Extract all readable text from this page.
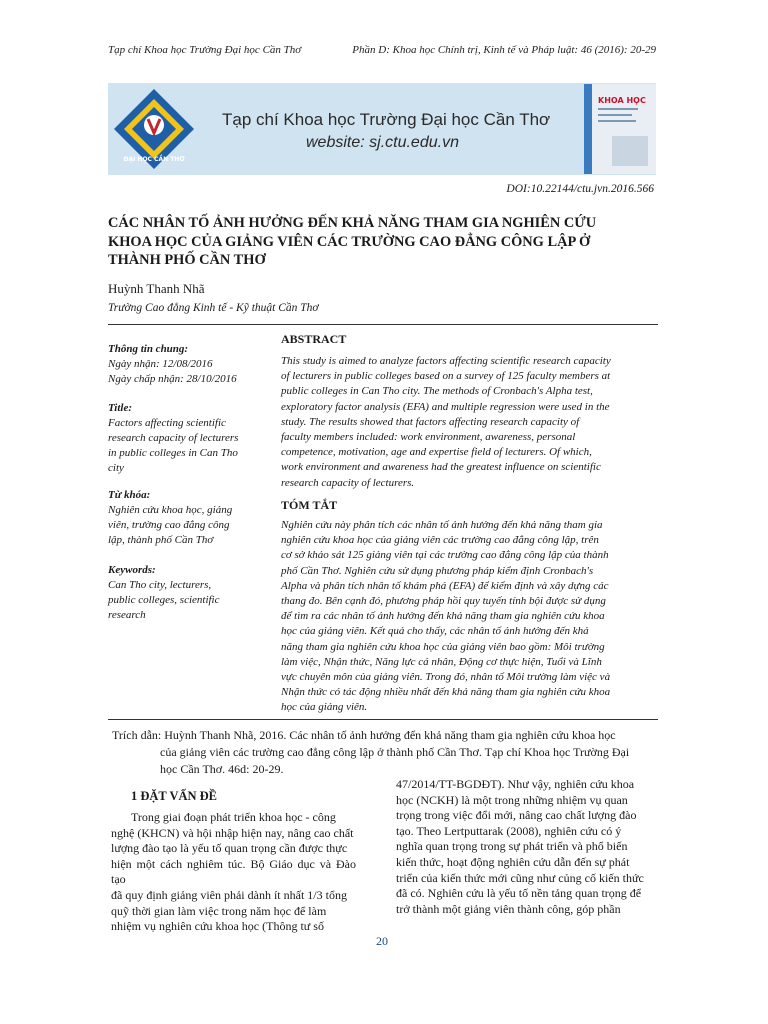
Tạp chí Khoa học Trường Đại học Cần Thơ	Phần D: Khoa học Chính trị, Kinh tế và Pháp luật: 46 (2016): 20-29
ĐẠI HỌC CẦN THƠ
Tạp chí Khoa học Trường Đại học Cần Thơ
website: sj.ctu.edu.vn
KHOA HỌC
DOI:10.22144/ctu.jvn.2016.566
CÁC NHÂN TỐ ẢNH HƯỞNG ĐẾN KHẢ NĂNG THAM GIA NGHIÊN CỨU
KHOA HỌC CỦA GIẢNG VIÊN CÁC TRƯỜNG CAO ĐẲNG CÔNG LẬP Ở
THÀNH PHỐ CẦN THƠ
Huỳnh Thanh Nhã
Trường Cao đẳng Kinh tế - Kỹ thuật Cần Thơ
Thông tin chung:
Ngày nhận: 12/08/2016
Ngày chấp nhận: 28/10/2016
Title:
Factors affecting scientific
research capacity of lecturers
in public colleges in Can Tho
city
Từ khóa:
Nghiên cứu khoa học, giảng
viên, trường cao đẳng công
lập, thành phố Cần Thơ
Keywords:
Can Tho city, lecturers,
public colleges, scientific
research
ABSTRACT
This study is aimed to analyze factors affecting scientific research capacity
of lecturers in public colleges based on a survey of 125 faculty members at
public colleges in Can Tho city. The methods of Cronbach's Alpha test,
exploratory factor analysis (EFA) and multiple regression were used in the
study. The results showed that factors affecting research capacity of
faculty members included: work environment, awareness, personal
competence, motivation, age and expertise field of lecturers. Of which,
work environment and awareness had the greatest influence on scientific
research capacity of lecturers.
TÓM TẮT
Nghiên cứu này phân tích các nhân tố ảnh hưởng đến khả năng tham gia
nghiên cứu khoa học của giảng viên các trường cao đẳng công lập, trên
cơ sở khảo sát 125 giảng viên tại các trường cao đẳng công lập của thành
phố Cần Thơ. Nghiên cứu sử dụng phương pháp kiểm định Cronbach's
Alpha và phân tích nhân tố khám phá (EFA) để kiểm định và xây dựng các
thang đo. Bên cạnh đó, phương pháp hồi quy tuyến tính bội được sử dụng
để tìm ra các nhân tố ảnh hưởng đến khả năng tham gia nghiên cứu khoa
học của giảng viên. Kết quả cho thấy, các nhân tố ảnh hưởng đến khả
năng tham gia nghiên cứu khoa học của giảng viên bao gồm: Môi trường
làm việc, Nhận thức, Năng lực cá nhân, Động cơ thực hiện, Tuổi và Lĩnh
vực chuyên môn của giảng viên. Trong đó, nhân tố Môi trường làm việc và
Nhận thức có tác động nhiều nhất đến khả năng tham gia nghiên cứu khoa
học của giảng viên.
Trích dẫn: Huỳnh Thanh Nhã, 2016. Các nhân tố ảnh hưởng đến khả năng tham gia nghiên cứu khoa học
của giảng viên các trường cao đẳng công lập ở thành phố Cần Thơ. Tạp chí Khoa học Trường Đại
học Cần Thơ. 46d: 20-29.
1 ĐẶT VẤN ĐỀ
Trong giai đoạn phát triển khoa học - công
nghệ (KHCN) và hội nhập hiện nay, nâng cao chất
lượng đào tạo là yếu tố quan trọng cần được thực
hiện một cách nghiêm túc. Bộ Giáo dục và Đào tạo
đã quy định giảng viên phải dành ít nhất 1/3 tổng
quỹ thời gian làm việc trong năm học để làm
nhiệm vụ nghiên cứu khoa học (Thông tư số
47/2014/TT-BGDĐT). Như vậy, nghiên cứu khoa
học (NCKH) là một trong những nhiệm vụ quan
trọng trong việc đổi mới, nâng cao chất lượng đào
tạo. Theo Lertputtarak (2008), nghiên cứu có ý
nghĩa quan trọng trong sự phát triển và phổ biến
kiến thức, hoạt động nghiên cứu dẫn đến sự phát
triển của kiến thức mới cũng như củng cố kiến thức
đã có. Nghiên cứu là yếu tố nền tảng quan trọng để
trở thành một giảng viên thành công, góp phần
20
